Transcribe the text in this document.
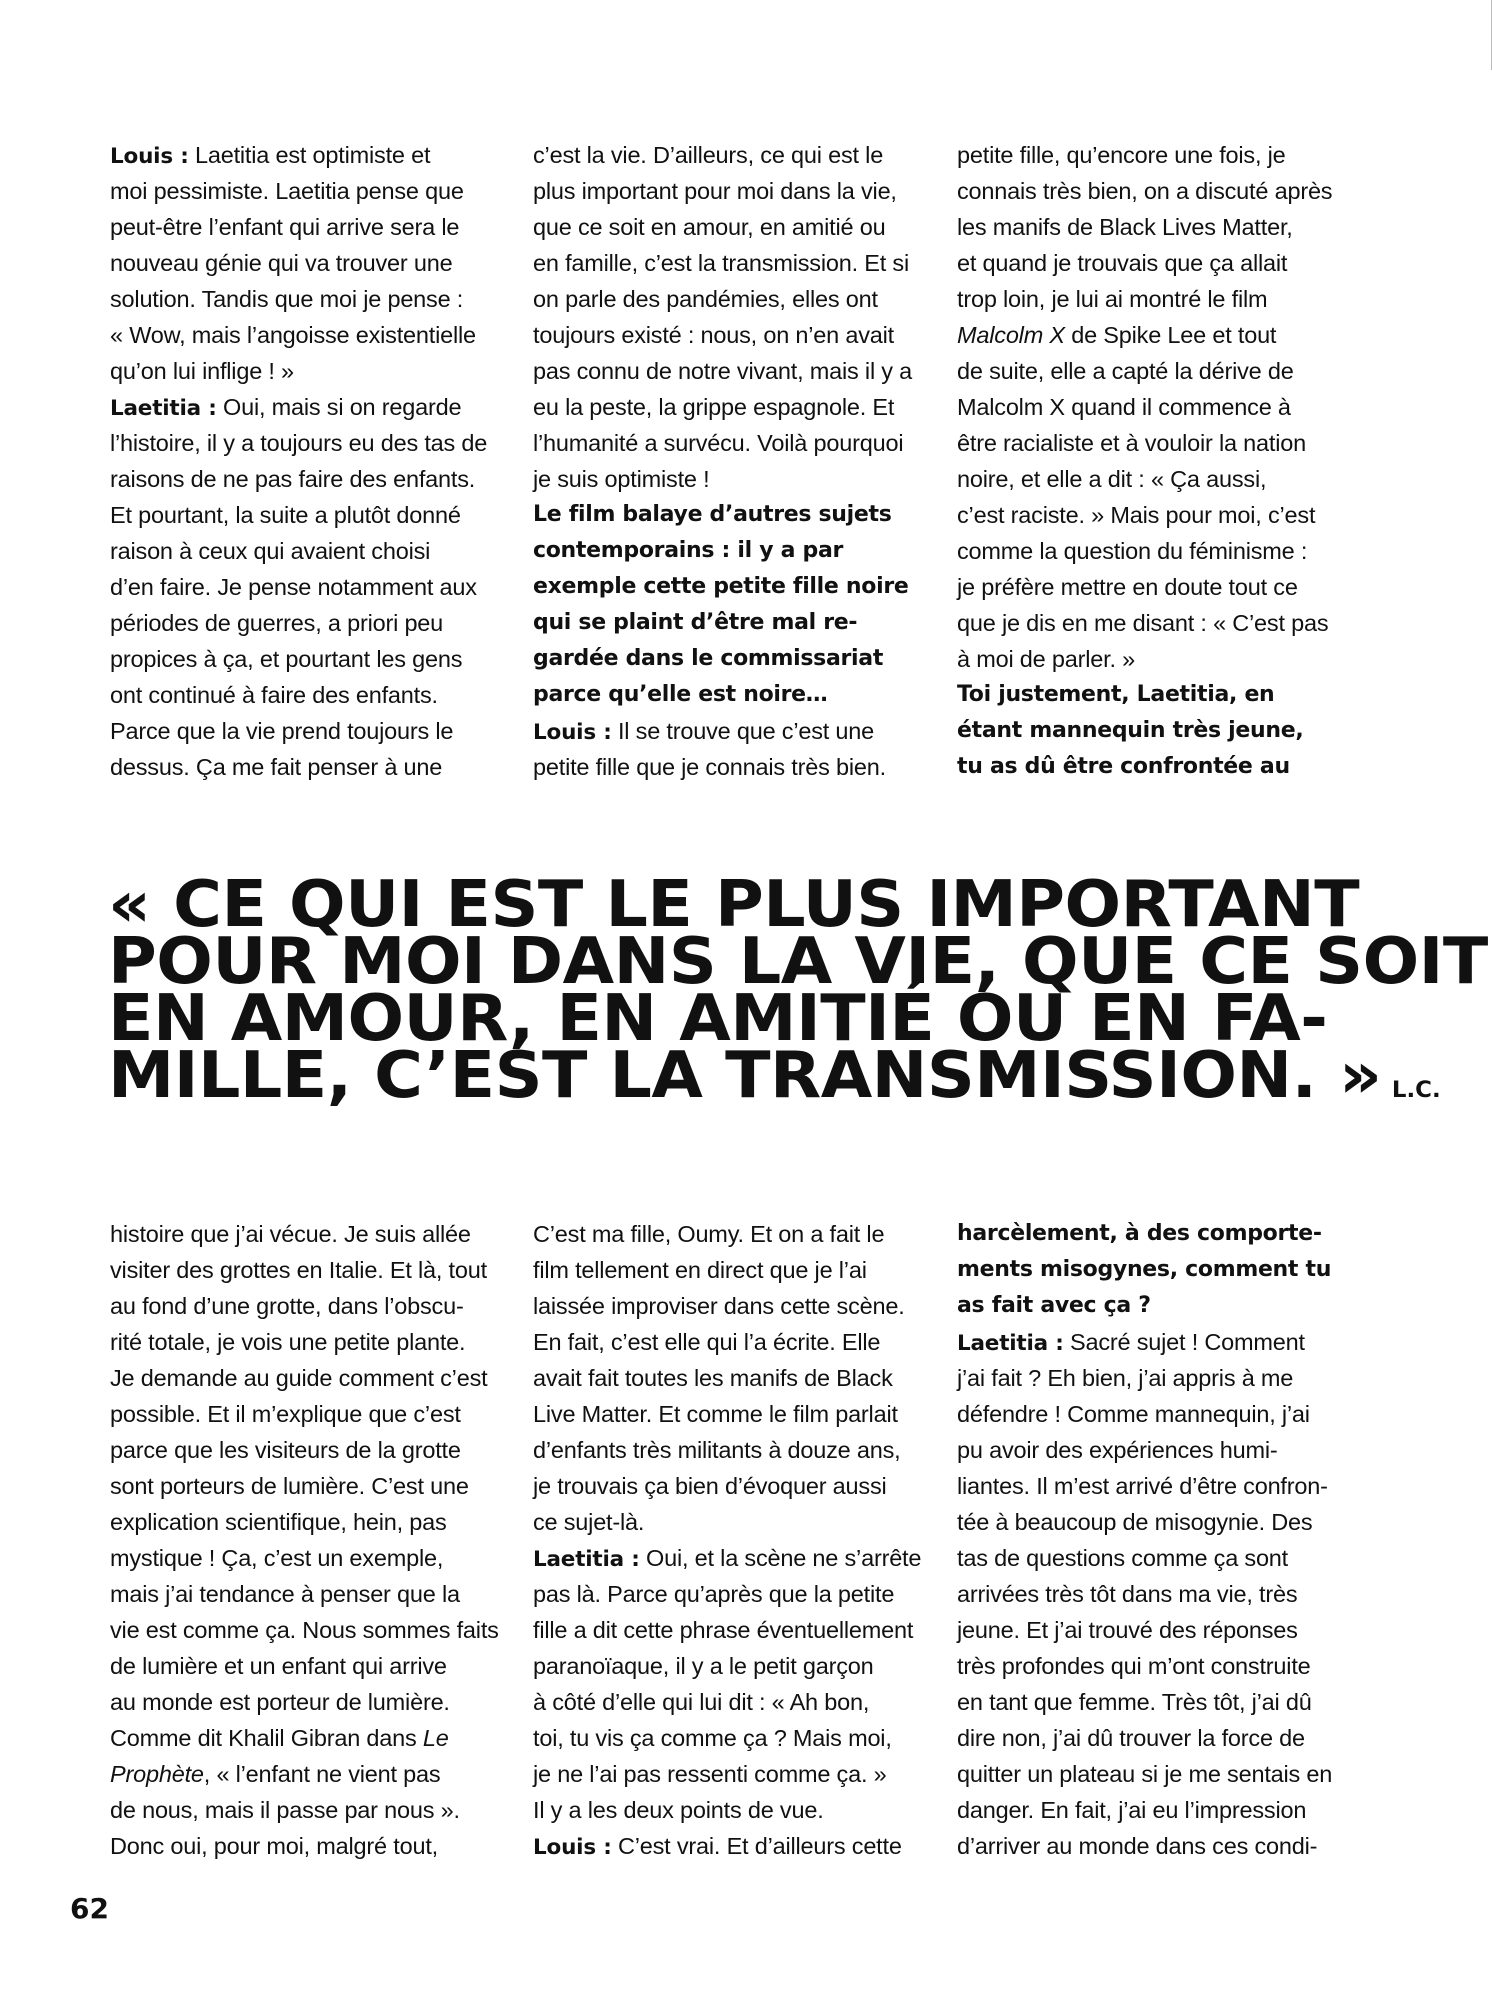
Louis : Laetitia est optimiste et
moi pessimiste. Laetitia pense que
peut-être l’enfant qui arrive sera le
nouveau génie qui va trouver une
solution. Tandis que moi je pense :
« Wow, mais l’angoisse existentielle
qu’on lui inflige ! »
Laetitia : Oui, mais si on regarde
l’histoire, il y a toujours eu des tas de
raisons de ne pas faire des enfants.
Et pourtant, la suite a plutôt donné
raison à ceux qui avaient choisi
d’en faire. Je pense notamment aux
périodes de guerres, a priori peu
propices à ça, et pourtant les gens
ont continué à faire des enfants.
Parce que la vie prend toujours le
dessus. Ça me fait penser à une
c’est la vie. D’ailleurs, ce qui est le
plus important pour moi dans la vie,
que ce soit en amour, en amitié ou
en famille, c’est la transmission. Et si
on parle des pandémies, elles ont
toujours existé : nous, on n’en avait
pas connu de notre vivant, mais il y a
eu la peste, la grippe espagnole. Et
l’humanité a survécu. Voilà pourquoi
je suis optimiste !
Le film balaye d’autres sujets
contemporains : il y a par
exemple cette petite fille noire
qui se plaint d’être mal re-
gardée dans le commissariat
parce qu’elle est noire…
Louis : Il se trouve que c’est une
petite fille que je connais très bien.
petite fille, qu’encore une fois, je
connais très bien, on a discuté après
les manifs de Black Lives Matter,
et quand je trouvais que ça allait
trop loin, je lui ai montré le film
Malcolm X de Spike Lee et tout
de suite, elle a capté la dérive de
Malcolm X quand il commence à
être racialiste et à vouloir la nation
noire, et elle a dit : « Ça aussi,
c’est raciste. » Mais pour moi, c’est
comme la question du féminisme :
je préfère mettre en doute tout ce
que je dis en me disant : « C’est pas
à moi de parler. »
Toi justement, Laetitia, en
étant mannequin très jeune,
tu as dû être confrontée au
« CE QUI EST LE PLUS IMPORTANT
POUR MOI DANS LA VIE, QUE CE SOIT
EN AMOUR, EN AMITIÉ OU EN FA-
MILLE, C’EST LA TRANSMISSION. » L.C.
histoire que j’ai vécue. Je suis allée
visiter des grottes en Italie. Et là, tout
au fond d’une grotte, dans l’obscu-
rité totale, je vois une petite plante.
Je demande au guide comment c’est
possible. Et il m’explique que c’est
parce que les visiteurs de la grotte
sont porteurs de lumière. C’est une
explication scientifique, hein, pas
mystique ! Ça, c’est un exemple,
mais j’ai tendance à penser que la
vie est comme ça. Nous sommes faits
de lumière et un enfant qui arrive
au monde est porteur de lumière.
Comme dit Khalil Gibran dans Le
Prophète, « l’enfant ne vient pas
de nous, mais il passe par nous ».
Donc oui, pour moi, malgré tout,
C’est ma fille, Oumy. Et on a fait le
film tellement en direct que je l’ai
laissée improviser dans cette scène.
En fait, c’est elle qui l’a écrite. Elle
avait fait toutes les manifs de Black
Live Matter. Et comme le film parlait
d’enfants très militants à douze ans,
je trouvais ça bien d’évoquer aussi
ce sujet-là.
Laetitia : Oui, et la scène ne s’arrête
pas là. Parce qu’après que la petite
fille a dit cette phrase éventuellement
paranoïaque, il y a le petit garçon
à côté d’elle qui lui dit : « Ah bon,
toi, tu vis ça comme ça ? Mais moi,
je ne l’ai pas ressenti comme ça. »
Il y a les deux points de vue.
Louis : C’est vrai. Et d’ailleurs cette
harcèlement, à des comporte-
ments misogynes, comment tu
as fait avec ça ?
Laetitia : Sacré sujet ! Comment
j’ai fait ? Eh bien, j’ai appris à me
défendre ! Comme mannequin, j’ai
pu avoir des expériences humi-
liantes. Il m’est arrivé d’être confron-
tée à beaucoup de misogynie. Des
tas de questions comme ça sont
arrivées très tôt dans ma vie, très
jeune. Et j’ai trouvé des réponses
très profondes qui m’ont construite
en tant que femme. Très tôt, j’ai dû
dire non, j’ai dû trouver la force de
quitter un plateau si je me sentais en
danger. En fait, j’ai eu l’impression
d’arriver au monde dans ces condi-
62
